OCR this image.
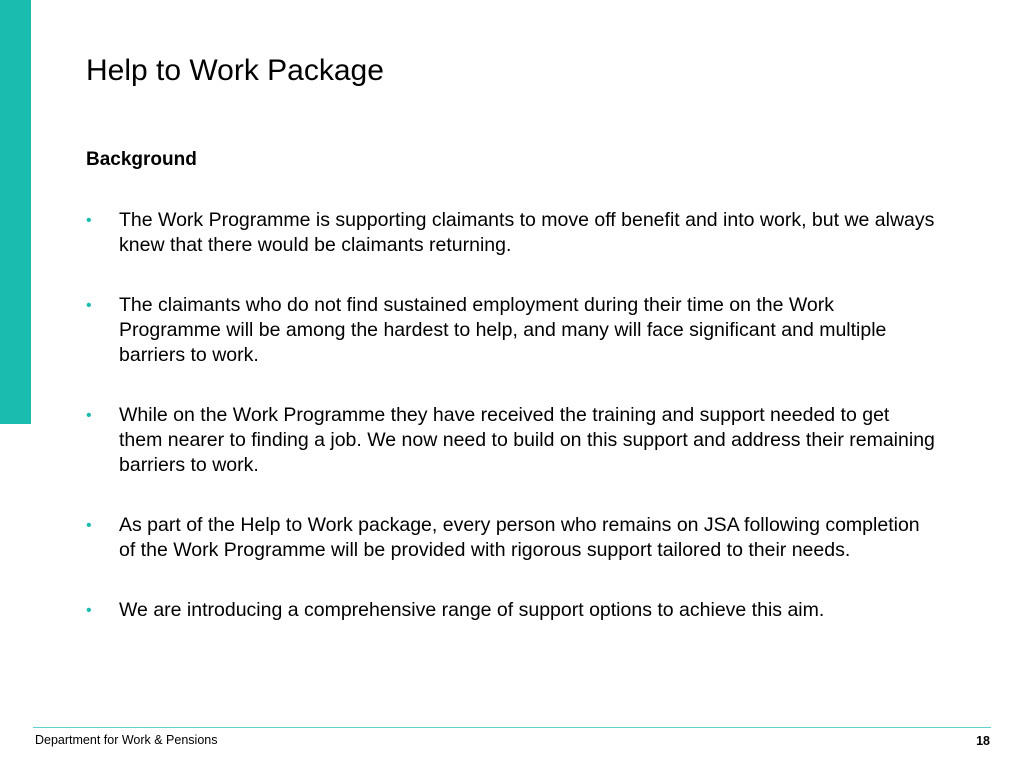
Help to Work Package
Background
• The Work Programme is supporting claimants to move off benefit and into work, but we always knew that there would be claimants returning.
• The claimants who do not find sustained employment during their time on the Work Programme will be among the hardest to help, and many will face significant and multiple barriers to work.
• While on the Work Programme they have received the training and support needed to get them nearer to finding a job. We now need to build on this support and address their remaining barriers to work.
• As part of the Help to Work package, every person who remains on JSA following completion of the Work Programme will be provided with rigorous support tailored to their needs.
• We are introducing a comprehensive range of support options to achieve this aim.
Department for Work & Pensions	18
